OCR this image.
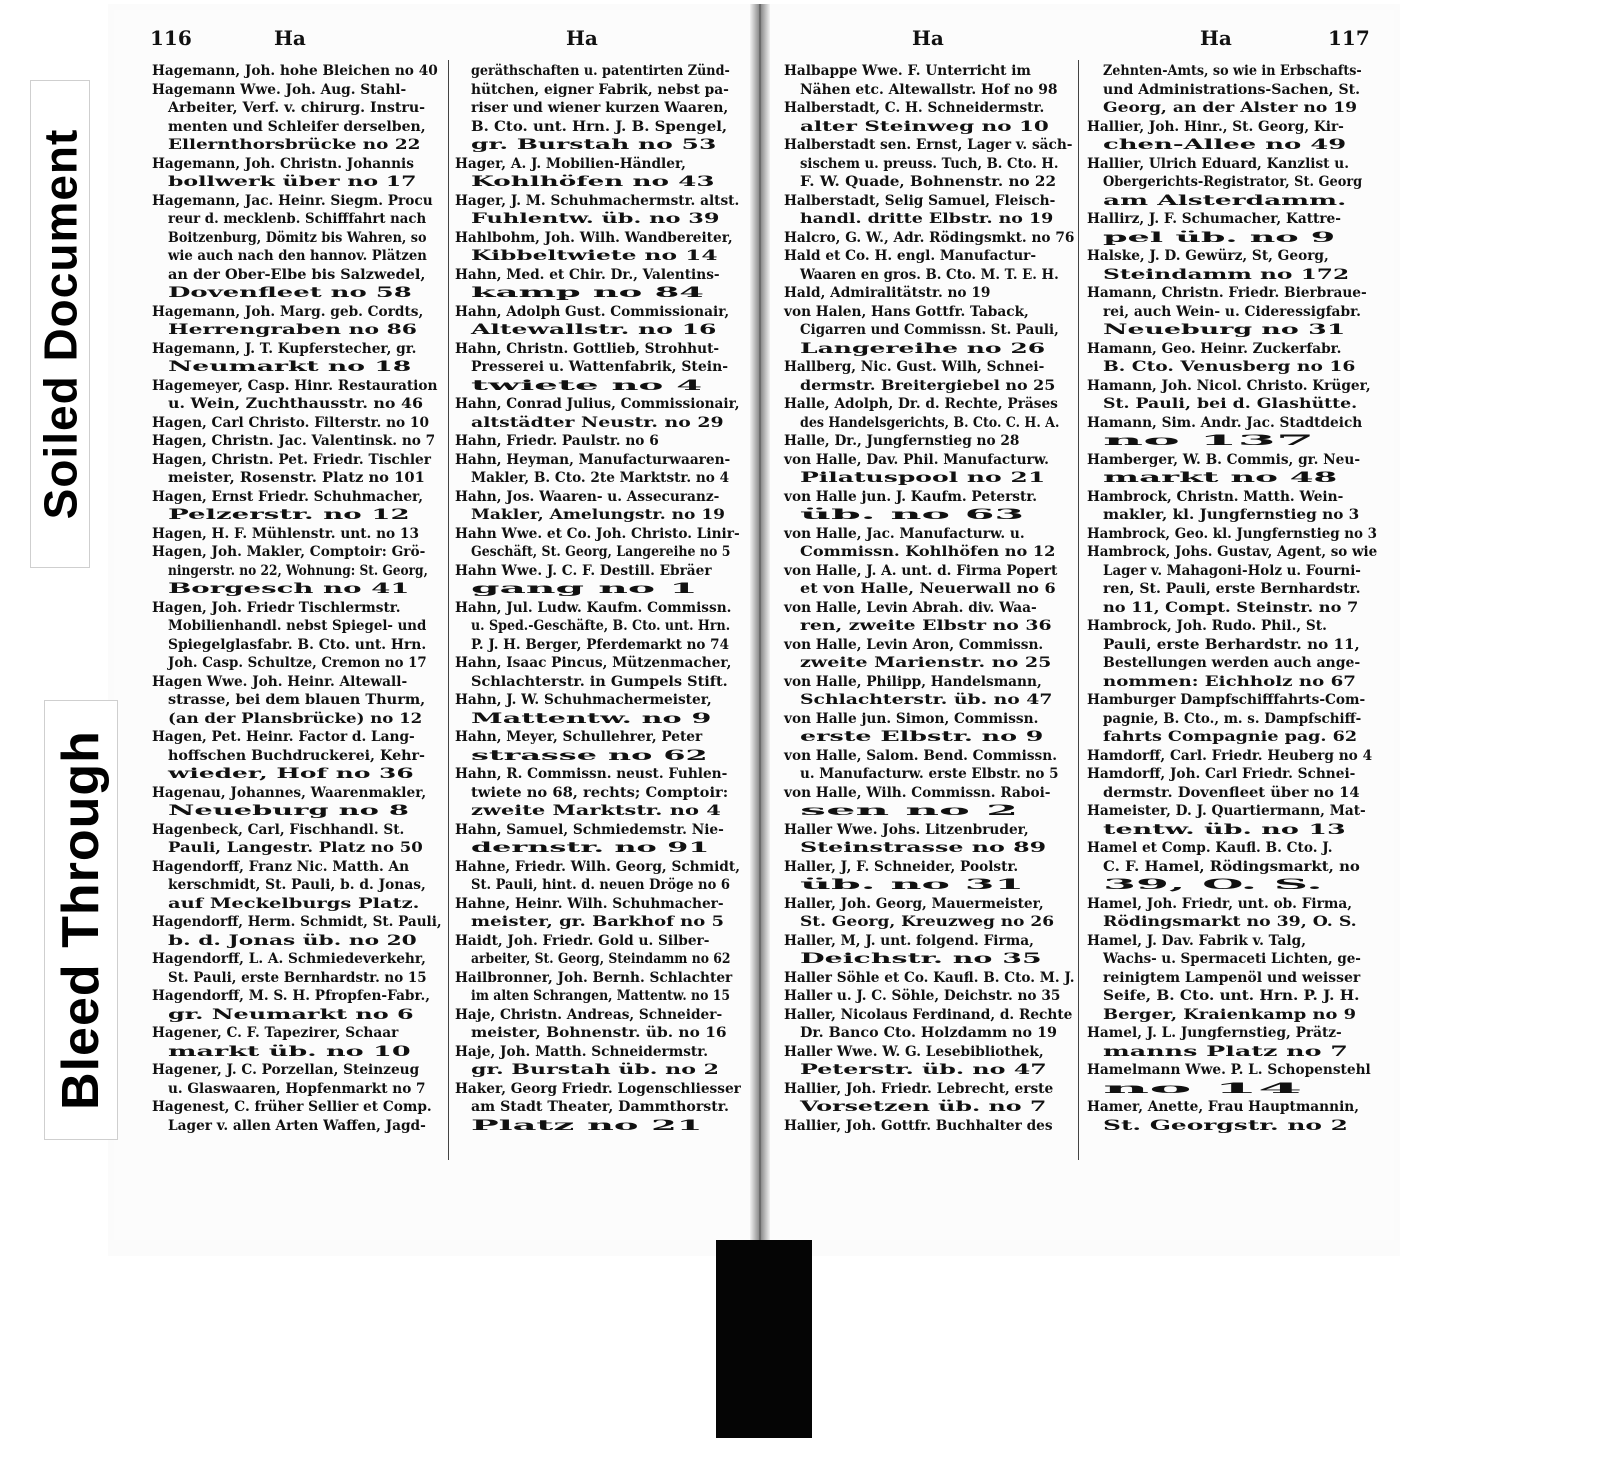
Soiled Document
Bleed Through
116	Ha	Ha	Ha	Ha	117
Hagemann, Joh. hohe Bleichen no 40
Hagemann Wwe. Joh. Aug. Stahl-
Arbeiter, Verf. v. chirurg. Instru-
menten und Schleifer derselben,
Ellernthorsbrücke no 22
Hagemann, Joh. Christn. Johannis
bollwerk über no 17
Hagemann, Jac. Heinr. Siegm. Procu
reur d. mecklenb. Schifffahrt nach
Boitzenburg, Dömitz bis Wahren, so
wie auch nach den hannov. Plätzen
an der Ober-Elbe bis Salzwedel,
Dovenfleet no 58
Hagemann, Joh. Marg. geb. Cordts,
Herrengraben no 86
Hagemann, J. T. Kupferstecher, gr.
Neumarkt no 18
Hagemeyer, Casp. Hinr. Restauration
u. Wein, Zuchthausstr. no 46
Hagen, Carl Christo. Filterstr. no 10
Hagen, Christn. Jac. Valentinsk. no 7
Hagen, Christn. Pet. Friedr. Tischler
meister, Rosenstr. Platz no 101
Hagen, Ernst Friedr. Schuhmacher,
Pelzerstr. no 12
Hagen, H. F. Mühlenstr. unt. no 13
Hagen, Joh. Makler, Comptoir: Grö-
ningerstr. no 22, Wohnung: St. Georg,
Borgesch no 41
Hagen, Joh. Friedr Tischlermstr.
Mobilienhandl. nebst Spiegel- und
Spiegelglasfabr. B. Cto. unt. Hrn.
Joh. Casp. Schultze, Cremon no 17
Hagen Wwe. Joh. Heinr. Altewall-
strasse, bei dem blauen Thurm,
(an der Plansbrücke) no 12
Hagen, Pet. Heinr. Factor d. Lang-
hoffschen Buchdruckerei, Kehr-
wieder, Hof no 36
Hagenau, Johannes, Waarenmakler,
Neueburg no 8
Hagenbeck, Carl, Fischhandl. St.
Pauli, Langestr. Platz no 50
Hagendorff, Franz Nic. Matth. An
kerschmidt, St. Pauli, b. d. Jonas,
auf Meckelburgs Platz.
Hagendorff, Herm. Schmidt, St. Pauli,
b. d. Jonas üb. no 20
Hagendorff, L. A. Schmiedeverkehr,
St. Pauli, erste Bernhardstr. no 15
Hagendorff, M. S. H. Pfropfen-Fabr.,
gr. Neumarkt no 6
Hagener, C. F. Tapezirer, Schaar
markt üb. no 10
Hagener, J. C. Porzellan, Steinzeug
u. Glaswaaren, Hopfenmarkt no 7
Hagenest, C. früher Sellier et Comp.
Lager v. allen Arten Waffen, Jagd-
geräthschaften u. patentirten Zünd-
hütchen, eigner Fabrik, nebst pa-
riser und wiener kurzen Waaren,
B. Cto. unt. Hrn. J. B. Spengel,
gr. Burstah no 53
Hager, A. J. Mobilien-Händler,
Kohlhöfen no 43
Hager, J. M. Schuhmachermstr. altst.
Fuhlentw. üb. no 39
Hahlbohm, Joh. Wilh. Wandbereiter,
Kibbeltwiete no 14
Hahn, Med. et Chir. Dr., Valentins-
kamp no 84
Hahn, Adolph Gust. Commissionair,
Altewallstr. no 16
Hahn, Christn. Gottlieb, Strohhut-
Presserei u. Wattenfabrik, Stein-
twiete no 4
Hahn, Conrad Julius, Commissionair,
altstädter Neustr. no 29
Hahn, Friedr. Paulstr. no 6
Hahn, Heyman, Manufacturwaaren-
Makler, B. Cto. 2te Marktstr. no 4
Hahn, Jos. Waaren- u. Assecuranz-
Makler, Amelungstr. no 19
Hahn Wwe. et Co. Joh. Christo. Linir-
Geschäft, St. Georg, Langereihe no 5
Hahn Wwe. J. C. F. Destill. Ebräer
gang no 1
Hahn, Jul. Ludw. Kaufm. Commissn.
u. Sped.-Geschäfte, B. Cto. unt. Hrn.
P. J. H. Berger, Pferdemarkt no 74
Hahn, Isaac Pincus, Mützenmacher,
Schlachterstr. in Gumpels Stift.
Hahn, J. W. Schuhmachermeister,
Mattentw. no 9
Hahn, Meyer, Schullehrer, Peter
strasse no 62
Hahn, R. Commissn. neust. Fuhlen-
twiete no 68, rechts; Comptoir:
zweite Marktstr. no 4
Hahn, Samuel, Schmiedemstr. Nie-
dernstr. no 91
Hahne, Friedr. Wilh. Georg, Schmidt,
St. Pauli, hint. d. neuen Dröge no 6
Hahne, Heinr. Wilh. Schuhmacher-
meister, gr. Barkhof no 5
Haidt, Joh. Friedr. Gold u. Silber-
arbeiter, St. Georg, Steindamm no 62
Hailbronner, Joh. Bernh. Schlachter
im alten Schrangen, Mattentw. no 15
Haje, Christn. Andreas, Schneider-
meister, Bohnenstr. üb. no 16
Haje, Joh. Matth. Schneidermstr.
gr. Burstah üb. no 2
Haker, Georg Friedr. Logenschliesser
am Stadt Theater, Dammthorstr.
Platz no 21
Halbappe Wwe. F. Unterricht im
Nähen etc. Altewallstr. Hof no 98
Halberstadt, C. H. Schneidermstr.
alter Steinweg no 10
Halberstadt sen. Ernst, Lager v. säch-
sischem u. preuss. Tuch, B. Cto. H.
F. W. Quade, Bohnenstr. no 22
Halberstadt, Selig Samuel, Fleisch-
handl. dritte Elbstr. no 19
Halcro, G. W., Adr. Rödingsmkt. no 76
Hald et Co. H. engl. Manufactur-
Waaren en gros. B. Cto. M. T. E. H.
Hald, Admiralitätstr. no 19
von Halen, Hans Gottfr. Taback,
Cigarren und Commissn. St. Pauli,
Langereihe no 26
Hallberg, Nic. Gust. Wilh, Schnei-
dermstr. Breitergiebel no 25
Halle, Adolph, Dr. d. Rechte, Präses
des Handelsgerichts, B. Cto. C. H. A.
Halle, Dr., Jungfernstieg no 28
von Halle, Dav. Phil. Manufacturw.
Pilatuspool no 21
von Halle jun. J. Kaufm. Peterstr.
üb. no 63
von Halle, Jac. Manufacturw. u.
Commissn. Kohlhöfen no 12
von Halle, J. A. unt. d. Firma Popert
et von Halle, Neuerwall no 6
von Halle, Levin Abrah. div. Waa-
ren, zweite Elbstr no 36
von Halle, Levin Aron, Commissn.
zweite Marienstr. no 25
von Halle, Philipp, Handelsmann,
Schlachterstr. üb. no 47
von Halle jun. Simon, Commissn.
erste Elbstr. no 9
von Halle, Salom. Bend. Commissn.
u. Manufacturw. erste Elbstr. no 5
von Halle, Wilh. Commissn. Raboi-
sen no 2
Haller Wwe. Johs. Litzenbruder,
Steinstrasse no 89
Haller, J, F. Schneider, Poolstr.
üb. no 31
Haller, Joh. Georg, Mauermeister,
St. Georg, Kreuzweg no 26
Haller, M, J. unt. folgend. Firma,
Deichstr. no 35
Haller Söhle et Co. Kaufl. B. Cto. M. J.
Haller u. J. C. Söhle, Deichstr. no 35
Haller, Nicolaus Ferdinand, d. Rechte
Dr. Banco Cto. Holzdamm no 19
Haller Wwe. W. G. Lesebibliothek,
Peterstr. üb. no 47
Hallier, Joh. Friedr. Lebrecht, erste
Vorsetzen üb. no 7
Hallier, Joh. Gottfr. Buchhalter des
Zehnten-Amts, so wie in Erbschafts-
und Administrations-Sachen, St.
Georg, an der Alster no 19
Hallier, Joh. Hinr., St. Georg, Kir-
chen-Allee no 49
Hallier, Ulrich Eduard, Kanzlist u.
Obergerichts-Registrator, St. Georg
am Alsterdamm.
Hallirz, J. F. Schumacher, Kattre-
pel üb. no 9
Halske, J. D. Gewürz, St, Georg,
Steindamm no 172
Hamann, Christn. Friedr. Bierbraue-
rei, auch Wein- u. Cideressigfabr.
Neueburg no 31
Hamann, Geo. Heinr. Zuckerfabr.
B. Cto. Venusberg no 16
Hamann, Joh. Nicol. Christo. Krüger,
St. Pauli, bei d. Glashütte.
Hamann, Sim. Andr. Jac. Stadtdeich
no 137
Hamberger, W. B. Commis, gr. Neu-
markt no 48
Hambrock, Christn. Matth. Wein-
makler, kl. Jungfernstieg no 3
Hambrock, Geo. kl. Jungfernstieg no 3
Hambrock, Johs. Gustav, Agent, so wie
Lager v. Mahagoni-Holz u. Fourni-
ren, St. Pauli, erste Bernhardstr.
no 11, Compt. Steinstr. no 7
Hambrock, Joh. Rudo. Phil., St.
Pauli, erste Berhardstr. no 11,
Bestellungen werden auch ange-
nommen: Eichholz no 67
Hamburger Dampfschifffahrts-Com-
pagnie, B. Cto., m. s. Dampfschiff-
fahrts Compagnie pag. 62
Hamdorff, Carl. Friedr. Heuberg no 4
Hamdorff, Joh. Carl Friedr. Schnei-
dermstr. Dovenfleet über no 14
Hameister, D. J. Quartiermann, Mat-
tentw. üb. no 13
Hamel et Comp. Kaufl. B. Cto. J.
C. F. Hamel, Rödingsmarkt, no
39, O. S.
Hamel, Joh. Friedr, unt. ob. Firma,
Rödingsmarkt no 39, O. S.
Hamel, J. Dav. Fabrik v. Talg,
Wachs- u. Spermaceti Lichten, ge-
reinigtem Lampenöl und weisser
Seife, B. Cto. unt. Hrn. P. J. H.
Berger, Kraienkamp no 9
Hamel, J. L. Jungfernstieg, Prätz-
manns Platz no 7
Hamelmann Wwe. P. L. Schopenstehl
no 14
Hamer, Anette, Frau Hauptmannin,
St. Georgstr. no 2
